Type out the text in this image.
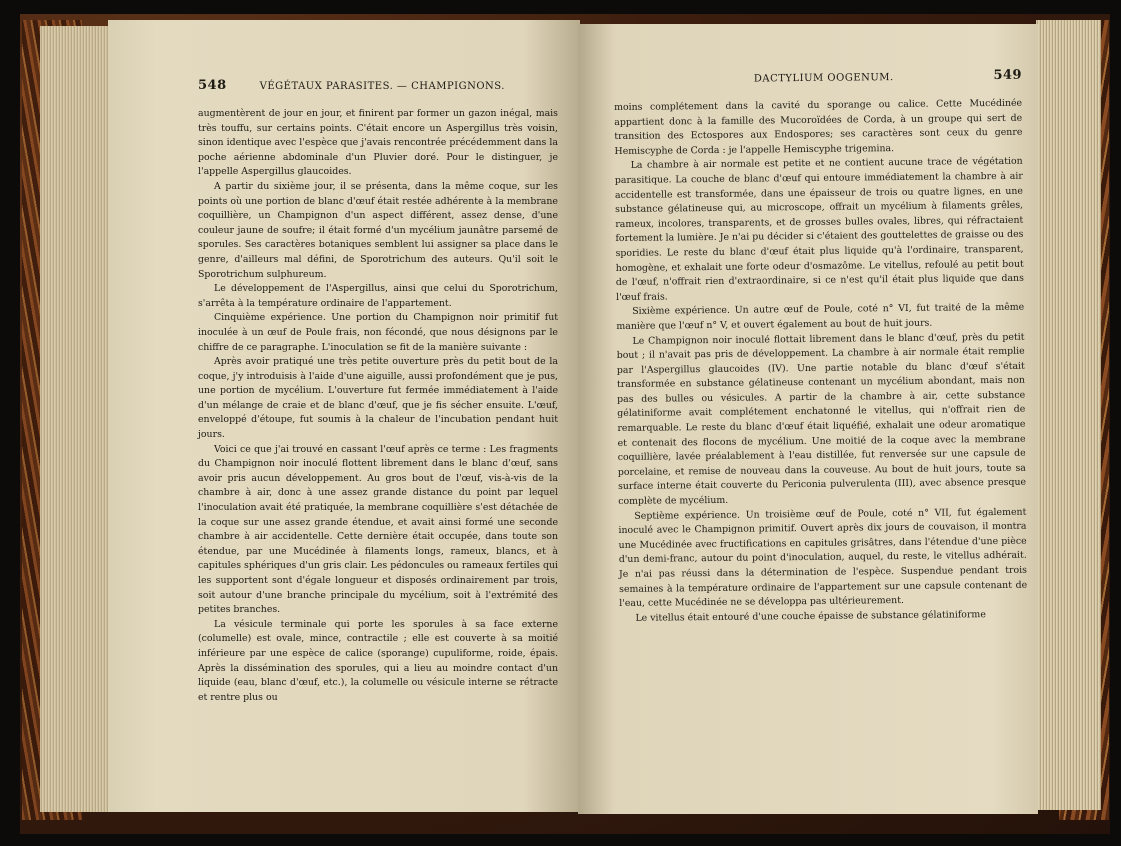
548	VÉGÉTAUX PARASITES. — CHAMPIGNONS.

augmentèrent de jour en jour, et finirent par former un gazon inégal, mais très touffu, sur certains points. C'était encore un Aspergillus très voisin, sinon identique avec l'espèce que j'avais rencontrée précédemment dans la poche aérienne abdominale d'un Pluvier doré. Pour le distinguer, je l'appelle Aspergillus glaucoides.

A partir du sixième jour, il se présenta, dans la même coque, sur les points où une portion de blanc d'œuf était restée adhérente à la membrane coquillière, un Champignon d'un aspect différent, assez dense, d'une couleur jaune de soufre; il était formé d'un mycélium jaunâtre parsemé de sporules. Ses caractères botaniques semblent lui assigner sa place dans le genre, d'ailleurs mal défini, de Sporotrichum des auteurs. Qu'il soit le Sporotrichum sulphureum.

Le développement de l'Aspergillus, ainsi que celui du Sporotrichum, s'arrêta à la température ordinaire de l'appartement.

Cinquième expérience. Une portion du Champignon noir primitif fut inoculée à un œuf de Poule frais, non fécondé, que nous désignons par le chiffre de ce paragraphe. L'inoculation se fit de la manière suivante :

Après avoir pratiqué une très petite ouverture près du petit bout de la coque, j'y introduisis à l'aide d'une aiguille, aussi profondément que je pus, une portion de mycélium. L'ouverture fut fermée immédiatement à l'aide d'un mélange de craie et de blanc d'œuf, que je fis sécher ensuite. L'œuf, enveloppé d'étoupe, fut soumis à la chaleur de l'incubation pendant huit jours.

Voici ce que j'ai trouvé en cassant l'œuf après ce terme : Les fragments du Champignon noir inoculé flottent librement dans le blanc d'œuf, sans avoir pris aucun développement. Au gros bout de l'œuf, vis-à-vis de la chambre à air, donc à une assez grande distance du point par lequel l'inoculation avait été pratiquée, la membrane coquillière s'est détachée de la coque sur une assez grande étendue, et avait ainsi formé une seconde chambre à air accidentelle. Cette dernière était occupée, dans toute son étendue, par une Mucédinée à filaments longs, rameux, blancs, et à capitules sphériques d'un gris clair. Les pédoncules ou rameaux fertiles qui les supportent sont d'égale longueur et disposés ordinairement par trois, soit autour d'une branche principale du mycélium, soit à l'extrémité des petites branches.

La vésicule terminale qui porte les sporules à sa face externe (columelle) est ovale, mince, contractile ; elle est couverte à sa moitié inférieure par une espèce de calice (sporange) cupuliforme, roide, épais. Après la dissémination des sporules, qui a lieu au moindre contact d'un liquide (eau, blanc d'œuf, etc.), la columelle ou vésicule interne se rétracte et rentre plus ou

DACTYLIUM OOGENUM.	549

moins complétement dans la cavité du sporange ou calice. Cette Mucédinée appartient donc à la famille des Mucoroïdées de Corda, à un groupe qui sert de transition des Ectospores aux Endospores; ses caractères sont ceux du genre Hemiscyphe de Corda : je l'appelle Hemiscyphe trigemina.

La chambre à air normale est petite et ne contient aucune trace de végétation parasitique. La couche de blanc d'œuf qui entoure immédiatement la chambre à air accidentelle est transformée, dans une épaisseur de trois ou quatre lignes, en une substance gélatineuse qui, au microscope, offrait un mycélium à filaments grêles, rameux, incolores, transparents, et de grosses bulles ovales, libres, qui réfractaient fortement la lumière. Je n'ai pu décider si c'étaient des gouttelettes de graisse ou des sporidies. Le reste du blanc d'œuf était plus liquide qu'à l'ordinaire, transparent, homogène, et exhalait une forte odeur d'osmazôme. Le vitellus, refoulé au petit bout de l'œuf, n'offrait rien d'extraordinaire, si ce n'est qu'il était plus liquide que dans l'œuf frais.

Sixième expérience. Un autre œuf de Poule, coté n° VI, fut traité de la même manière que l'œuf n° V, et ouvert également au bout de huit jours.

Le Champignon noir inoculé flottait librement dans le blanc d'œuf, près du petit bout ; il n'avait pas pris de développement. La chambre à air normale était remplie par l'Aspergillus glaucoides (IV). Une partie notable du blanc d'œuf s'était transformée en substance gélatineuse contenant un mycélium abondant, mais non pas des bulles ou vésicules. A partir de la chambre à air, cette substance gélatiniforme avait complétement enchatonné le vitellus, qui n'offrait rien de remarquable. Le reste du blanc d'œuf était liquéfié, exhalait une odeur aromatique et contenait des flocons de mycélium. Une moitié de la coque avec la membrane coquillière, lavée préalablement à l'eau distillée, fut renversée sur une capsule de porcelaine, et remise de nouveau dans la couveuse. Au bout de huit jours, toute sa surface interne était couverte du Periconia pulverulenta (III), avec absence presque complète de mycélium.

Septième expérience. Un troisième œuf de Poule, coté n° VII, fut également inoculé avec le Champignon primitif. Ouvert après dix jours de couvaison, il montra une Mucédinée avec fructifications en capitules grisâtres, dans l'étendue d'une pièce d'un demi-franc, autour du point d'inoculation, auquel, du reste, le vitellus adhérait. Je n'ai pas réussi dans la détermination de l'espèce. Suspendue pendant trois semaines à la température ordinaire de l'appartement sur une capsule contenant de l'eau, cette Mucédinée ne se développa pas ultérieurement.

Le vitellus était entouré d'une couche épaisse de substance gélatiniforme
